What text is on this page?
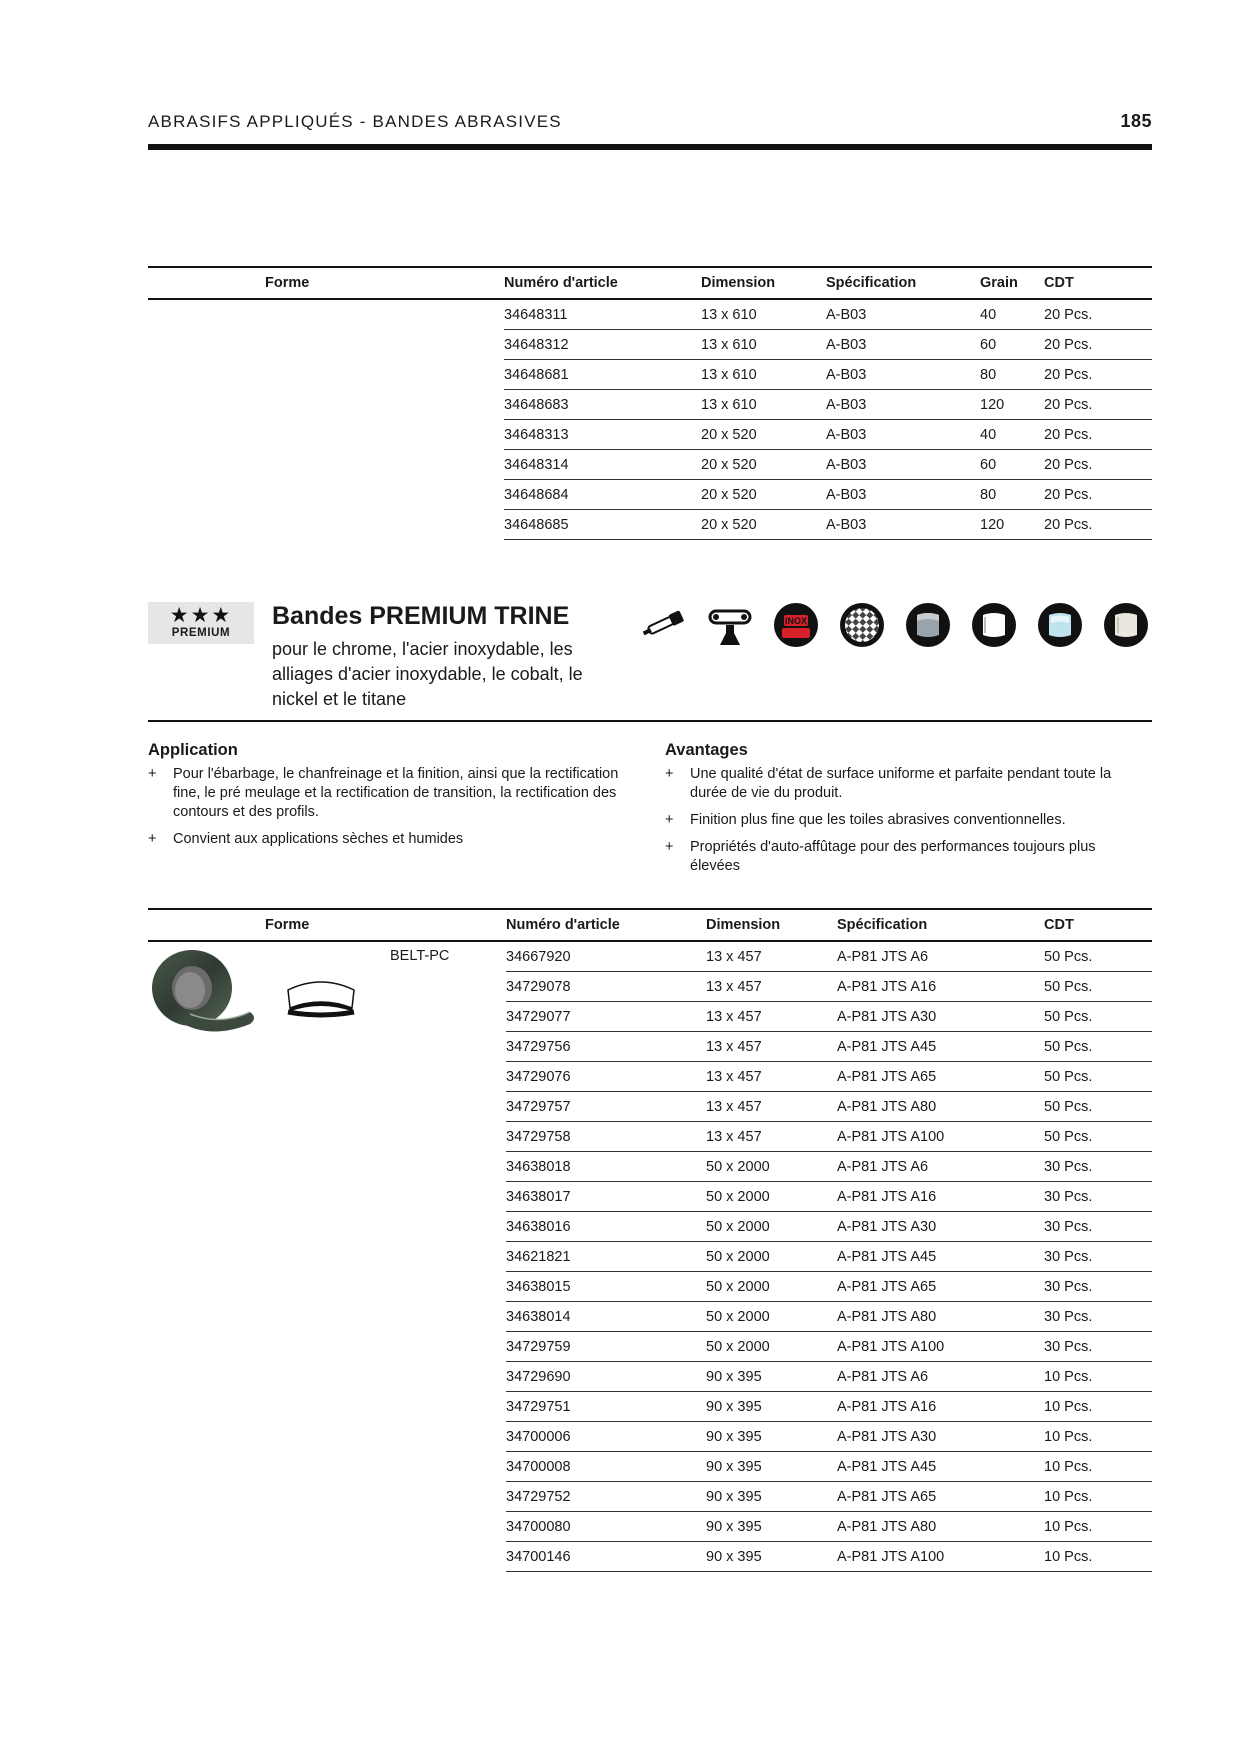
ABRASIFS APPLIQUÉS - BANDES ABRASIVES	185
Forme	Numéro d'article	Dimension	Spécification	Grain	CDT
	34648311	13 x 610	A-B03	40	20 Pcs.
	34648312	13 x 610	A-B03	60	20 Pcs.
	34648681	13 x 610	A-B03	80	20 Pcs.
	34648683	13 x 610	A-B03	120	20 Pcs.
	34648313	20 x 520	A-B03	40	20 Pcs.
	34648314	20 x 520	A-B03	60	20 Pcs.
	34648684	20 x 520	A-B03	80	20 Pcs.
	34648685	20 x 520	A-B03	120	20 Pcs.
★★★
PREMIUM
Bandes PREMIUM TRINE
pour le chrome, l'acier inoxydable, les alliages d'acier inoxydable, le cobalt, le nickel et le titane
INOX
Application
+ Pour l'ébarbage, le chanfreinage et la finition, ainsi que la rectification fine, le pré meulage et la rectification de transition, la rectification des contours et des profils.
+ Convient aux applications sèches et humides
Avantages
+ Une qualité d'état de surface uniforme et parfaite pendant toute la durée de vie du produit.
+ Finition plus fine que les toiles abrasives conventionnelles.
+ Propriétés d'auto-affûtage pour des performances toujours plus élevées
Forme		Numéro d'article	Dimension	Spécification	CDT

	BELT-PC	34667920	13 x 457	A-P81 JTS A6	50 Pcs.
		34729078	13 x 457	A-P81 JTS A16	50 Pcs.
		34729077	13 x 457	A-P81 JTS A30	50 Pcs.
		34729756	13 x 457	A-P81 JTS A45	50 Pcs.
		34729076	13 x 457	A-P81 JTS A65	50 Pcs.
		34729757	13 x 457	A-P81 JTS A80	50 Pcs.
		34729758	13 x 457	A-P81 JTS A100	50 Pcs.
		34638018	50 x 2000	A-P81 JTS A6	30 Pcs.
		34638017	50 x 2000	A-P81 JTS A16	30 Pcs.
		34638016	50 x 2000	A-P81 JTS A30	30 Pcs.
		34621821	50 x 2000	A-P81 JTS A45	30 Pcs.
		34638015	50 x 2000	A-P81 JTS A65	30 Pcs.
		34638014	50 x 2000	A-P81 JTS A80	30 Pcs.
		34729759	50 x 2000	A-P81 JTS A100	30 Pcs.
		34729690	90 x 395	A-P81 JTS A6	10 Pcs.
		34729751	90 x 395	A-P81 JTS A16	10 Pcs.
		34700006	90 x 395	A-P81 JTS A30	10 Pcs.
		34700008	90 x 395	A-P81 JTS A45	10 Pcs.
		34729752	90 x 395	A-P81 JTS A65	10 Pcs.
		34700080	90 x 395	A-P81 JTS A80	10 Pcs.
		34700146	90 x 395	A-P81 JTS A100	10 Pcs.
